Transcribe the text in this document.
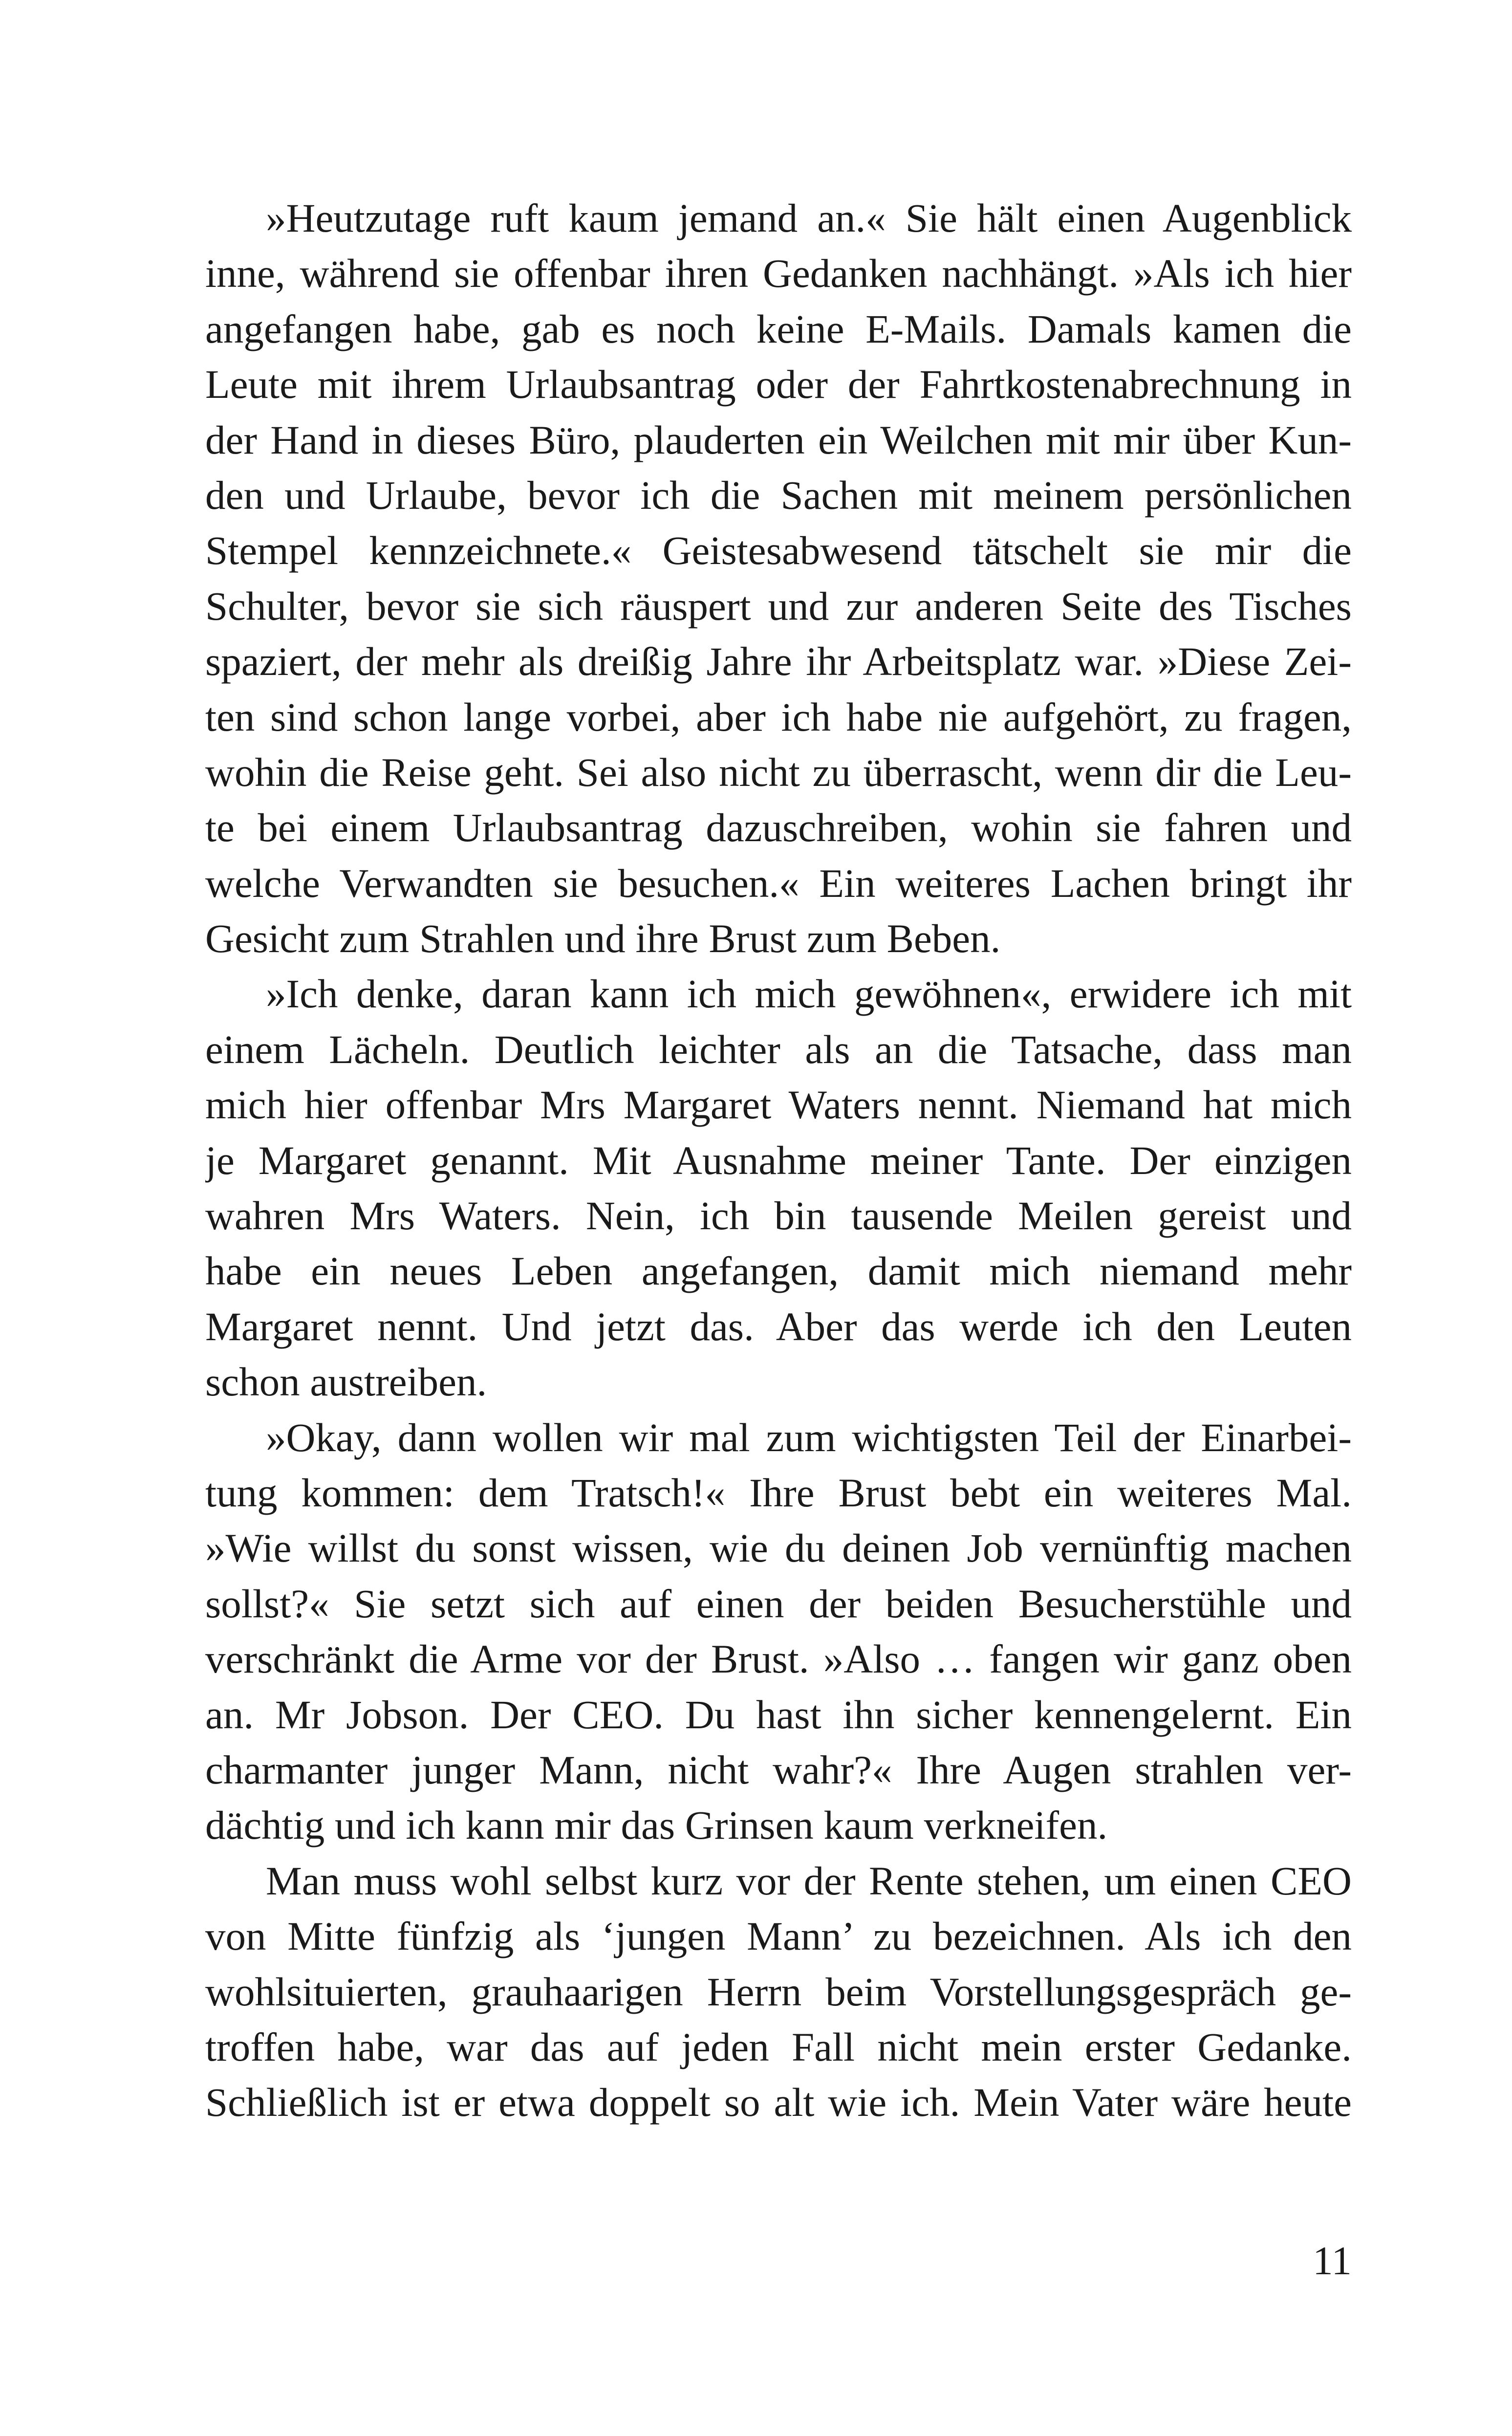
»Heutzutage ruft kaum jemand an.« Sie hält einen Augenblick
inne, während sie offenbar ihren Gedanken nachhängt. »Als ich hier
angefangen habe, gab es noch keine E-Mails. Damals kamen die
Leute mit ihrem Urlaubsantrag oder der Fahrtkostenabrechnung in
der Hand in dieses Büro, plauderten ein Weilchen mit mir über Kun-
den und Urlaube, bevor ich die Sachen mit meinem persönlichen
Stempel kennzeichnete.« Geistesabwesend tätschelt sie mir die
Schulter, bevor sie sich räuspert und zur anderen Seite des Tisches
spaziert, der mehr als dreißig Jahre ihr Arbeitsplatz war. »Diese Zei-
ten sind schon lange vorbei, aber ich habe nie aufgehört, zu fragen,
wohin die Reise geht. Sei also nicht zu überrascht, wenn dir die Leu-
te bei einem Urlaubsantrag dazuschreiben, wohin sie fahren und
welche Verwandten sie besuchen.« Ein weiteres Lachen bringt ihr
Gesicht zum Strahlen und ihre Brust zum Beben.
»Ich denke, daran kann ich mich gewöhnen«, erwidere ich mit
einem Lächeln. Deutlich leichter als an die Tatsache, dass man
mich hier offenbar Mrs Margaret Waters nennt. Niemand hat mich
je Margaret genannt. Mit Ausnahme meiner Tante. Der einzigen
wahren Mrs Waters. Nein, ich bin tausende Meilen gereist und
habe ein neues Leben angefangen, damit mich niemand mehr
Margaret nennt. Und jetzt das. Aber das werde ich den Leuten
schon austreiben.
»Okay, dann wollen wir mal zum wichtigsten Teil der Einarbei-
tung kommen: dem Tratsch!« Ihre Brust bebt ein weiteres Mal.
»Wie willst du sonst wissen, wie du deinen Job vernünftig machen
sollst?« Sie setzt sich auf einen der beiden Besucherstühle und
verschränkt die Arme vor der Brust. »Also … fangen wir ganz oben
an. Mr Jobson. Der CEO. Du hast ihn sicher kennengelernt. Ein
charmanter junger Mann, nicht wahr?« Ihre Augen strahlen ver-
dächtig und ich kann mir das Grinsen kaum verkneifen.
Man muss wohl selbst kurz vor der Rente stehen, um einen CEO
von Mitte fünfzig als ‘jungen Mann’ zu bezeichnen. Als ich den
wohlsituierten, grauhaarigen Herrn beim Vorstellungsgespräch ge-
troffen habe, war das auf jeden Fall nicht mein erster Gedanke.
Schließlich ist er etwa doppelt so alt wie ich. Mein Vater wäre heute
11
